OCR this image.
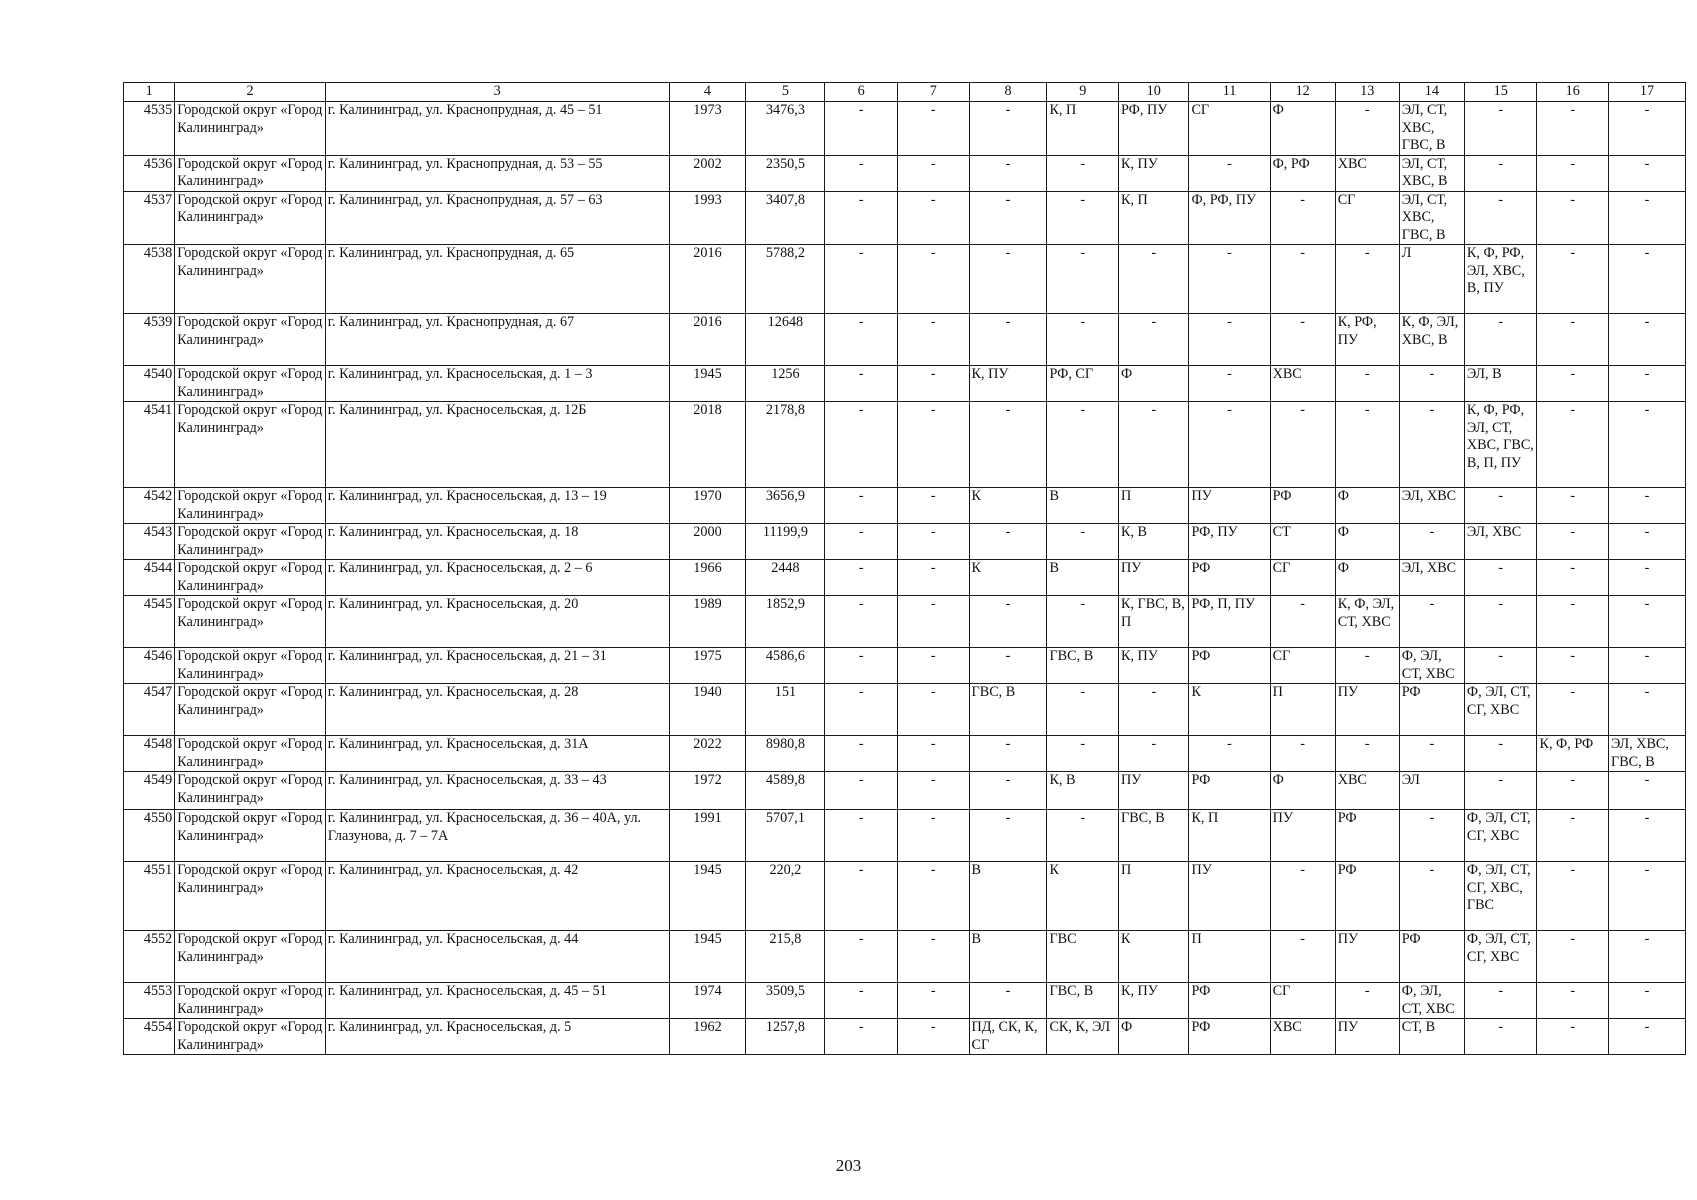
1	2	3	4	5	6	7	8	9	10	11	12	13	14	15	16	17
4535	Городской округ «Город Калининград»	г. Калининград, ул. Краснопрудная, д. 45 – 51	1973	3476,3	-	-	-	К, П	РФ, ПУ	СГ	Ф	-	ЭЛ, СТ, ХВС, ГВС, В	-	-	-
4536	Городской округ «Город Калининград»	г. Калининград, ул. Краснопрудная, д. 53 – 55	2002	2350,5	-	-	-	-	К, ПУ	-	Ф, РФ	ХВС	ЭЛ, СТ, ХВС, В	-	-	-
4537	Городской округ «Город Калининград»	г. Калининград, ул. Краснопрудная, д. 57 – 63	1993	3407,8	-	-	-	-	К, П	Ф, РФ, ПУ	-	СГ	ЭЛ, СТ, ХВС, ГВС, В	-	-	-
4538	Городской округ «Город Калининград»	г. Калининград, ул. Краснопрудная, д. 65	2016	5788,2	-	-	-	-	-	-	-	-	Л	К, Ф, РФ, ЭЛ, ХВС, В, ПУ	-	-
4539	Городской округ «Город Калининград»	г. Калининград, ул. Краснопрудная, д. 67	2016	12648	-	-	-	-	-	-	-	К, РФ, ПУ	К, Ф, ЭЛ, ХВС, В	-	-	-
4540	Городской округ «Город Калининград»	г. Калининград, ул. Красносельская, д. 1 – 3	1945	1256	-	-	К, ПУ	РФ, СГ	Ф	-	ХВС	-	-	ЭЛ, В	-	-
4541	Городской округ «Город Калининград»	г. Калининград, ул. Красносельская, д. 12Б	2018	2178,8	-	-	-	-	-	-	-	-	-	К, Ф, РФ, ЭЛ, СТ, ХВС, ГВС, В, П, ПУ	-	-
4542	Городской округ «Город Калининград»	г. Калининград, ул. Красносельская, д. 13 – 19	1970	3656,9	-	-	К	В	П	ПУ	РФ	Ф	ЭЛ, ХВС	-	-	-
4543	Городской округ «Город Калининград»	г. Калининград, ул. Красносельская, д. 18	2000	11199,9	-	-	-	-	К, В	РФ, ПУ	СТ	Ф	-	ЭЛ, ХВС	-	-
4544	Городской округ «Город Калининград»	г. Калининград, ул. Красносельская, д. 2 – 6	1966	2448	-	-	К	В	ПУ	РФ	СГ	Ф	ЭЛ, ХВС	-	-	-
4545	Городской округ «Город Калининград»	г. Калининград, ул. Красносельская, д. 20	1989	1852,9	-	-	-	-	К, ГВС, В, П	РФ, П, ПУ	-	К, Ф, ЭЛ, СТ, ХВС	-	-	-	-
4546	Городской округ «Город Калининград»	г. Калининград, ул. Красносельская, д. 21 – 31	1975	4586,6	-	-	-	ГВС, В	К, ПУ	РФ	СГ	-	Ф, ЭЛ, СТ, ХВС	-	-	-
4547	Городской округ «Город Калининград»	г. Калининград, ул. Красносельская, д. 28	1940	151	-	-	ГВС, В	-	-	К	П	ПУ	РФ	Ф, ЭЛ, СТ, СГ, ХВС	-	-
4548	Городской округ «Город Калининград»	г. Калининград, ул. Красносельская, д. 31А	2022	8980,8	-	-	-	-	-	-	-	-	-	-	К, Ф, РФ	ЭЛ, ХВС, ГВС, В
4549	Городской округ «Город Калининград»	г. Калининград, ул. Красносельская, д. 33 – 43	1972	4589,8	-	-	-	К, В	ПУ	РФ	Ф	ХВС	ЭЛ	-	-	-
4550	Городской округ «Город Калининград»	г. Калининград, ул. Красносельская, д. 36 – 40А, ул. Глазунова, д. 7 – 7А	1991	5707,1	-	-	-	-	ГВС, В	К, П	ПУ	РФ	-	Ф, ЭЛ, СТ, СГ, ХВС	-	-
4551	Городской округ «Город Калининград»	г. Калининград, ул. Красносельская, д. 42	1945	220,2	-	-	В	К	П	ПУ	-	РФ	-	Ф, ЭЛ, СТ, СГ, ХВС, ГВС	-	-
4552	Городской округ «Город Калининград»	г. Калининград, ул. Красносельская, д. 44	1945	215,8	-	-	В	ГВС	К	П	-	ПУ	РФ	Ф, ЭЛ, СТ, СГ, ХВС	-	-
4553	Городской округ «Город Калининград»	г. Калининград, ул. Красносельская, д. 45 – 51	1974	3509,5	-	-	-	ГВС, В	К, ПУ	РФ	СГ	-	Ф, ЭЛ, СТ, ХВС	-	-	-
4554	Городской округ «Город Калининград»	г. Калининград, ул. Красносельская, д. 5	1962	1257,8	-	-	ПД, СК, К, СГ	СК, К, ЭЛ	Ф	РФ	ХВС	ПУ	СТ, В	-	-	-
203
